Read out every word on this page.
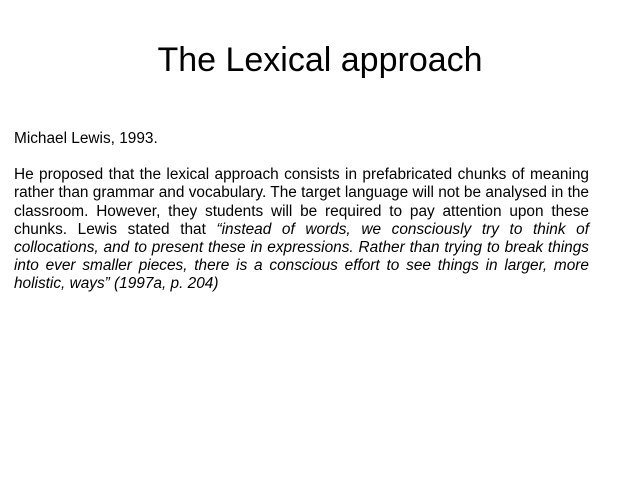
The Lexical approach

Michael Lewis, 1993.

He proposed that the lexical approach consists in prefabricated chunks of meaning rather than grammar and vocabulary. The target language will not be analysed in the classroom. However, they students will be required to pay attention upon these chunks. Lewis stated that “instead of words, we consciously try to think of collocations, and to present these in expressions. Rather than trying to break things into ever smaller pieces, there is a conscious effort to see things in larger, more holistic, ways” (1997a, p. 204)
